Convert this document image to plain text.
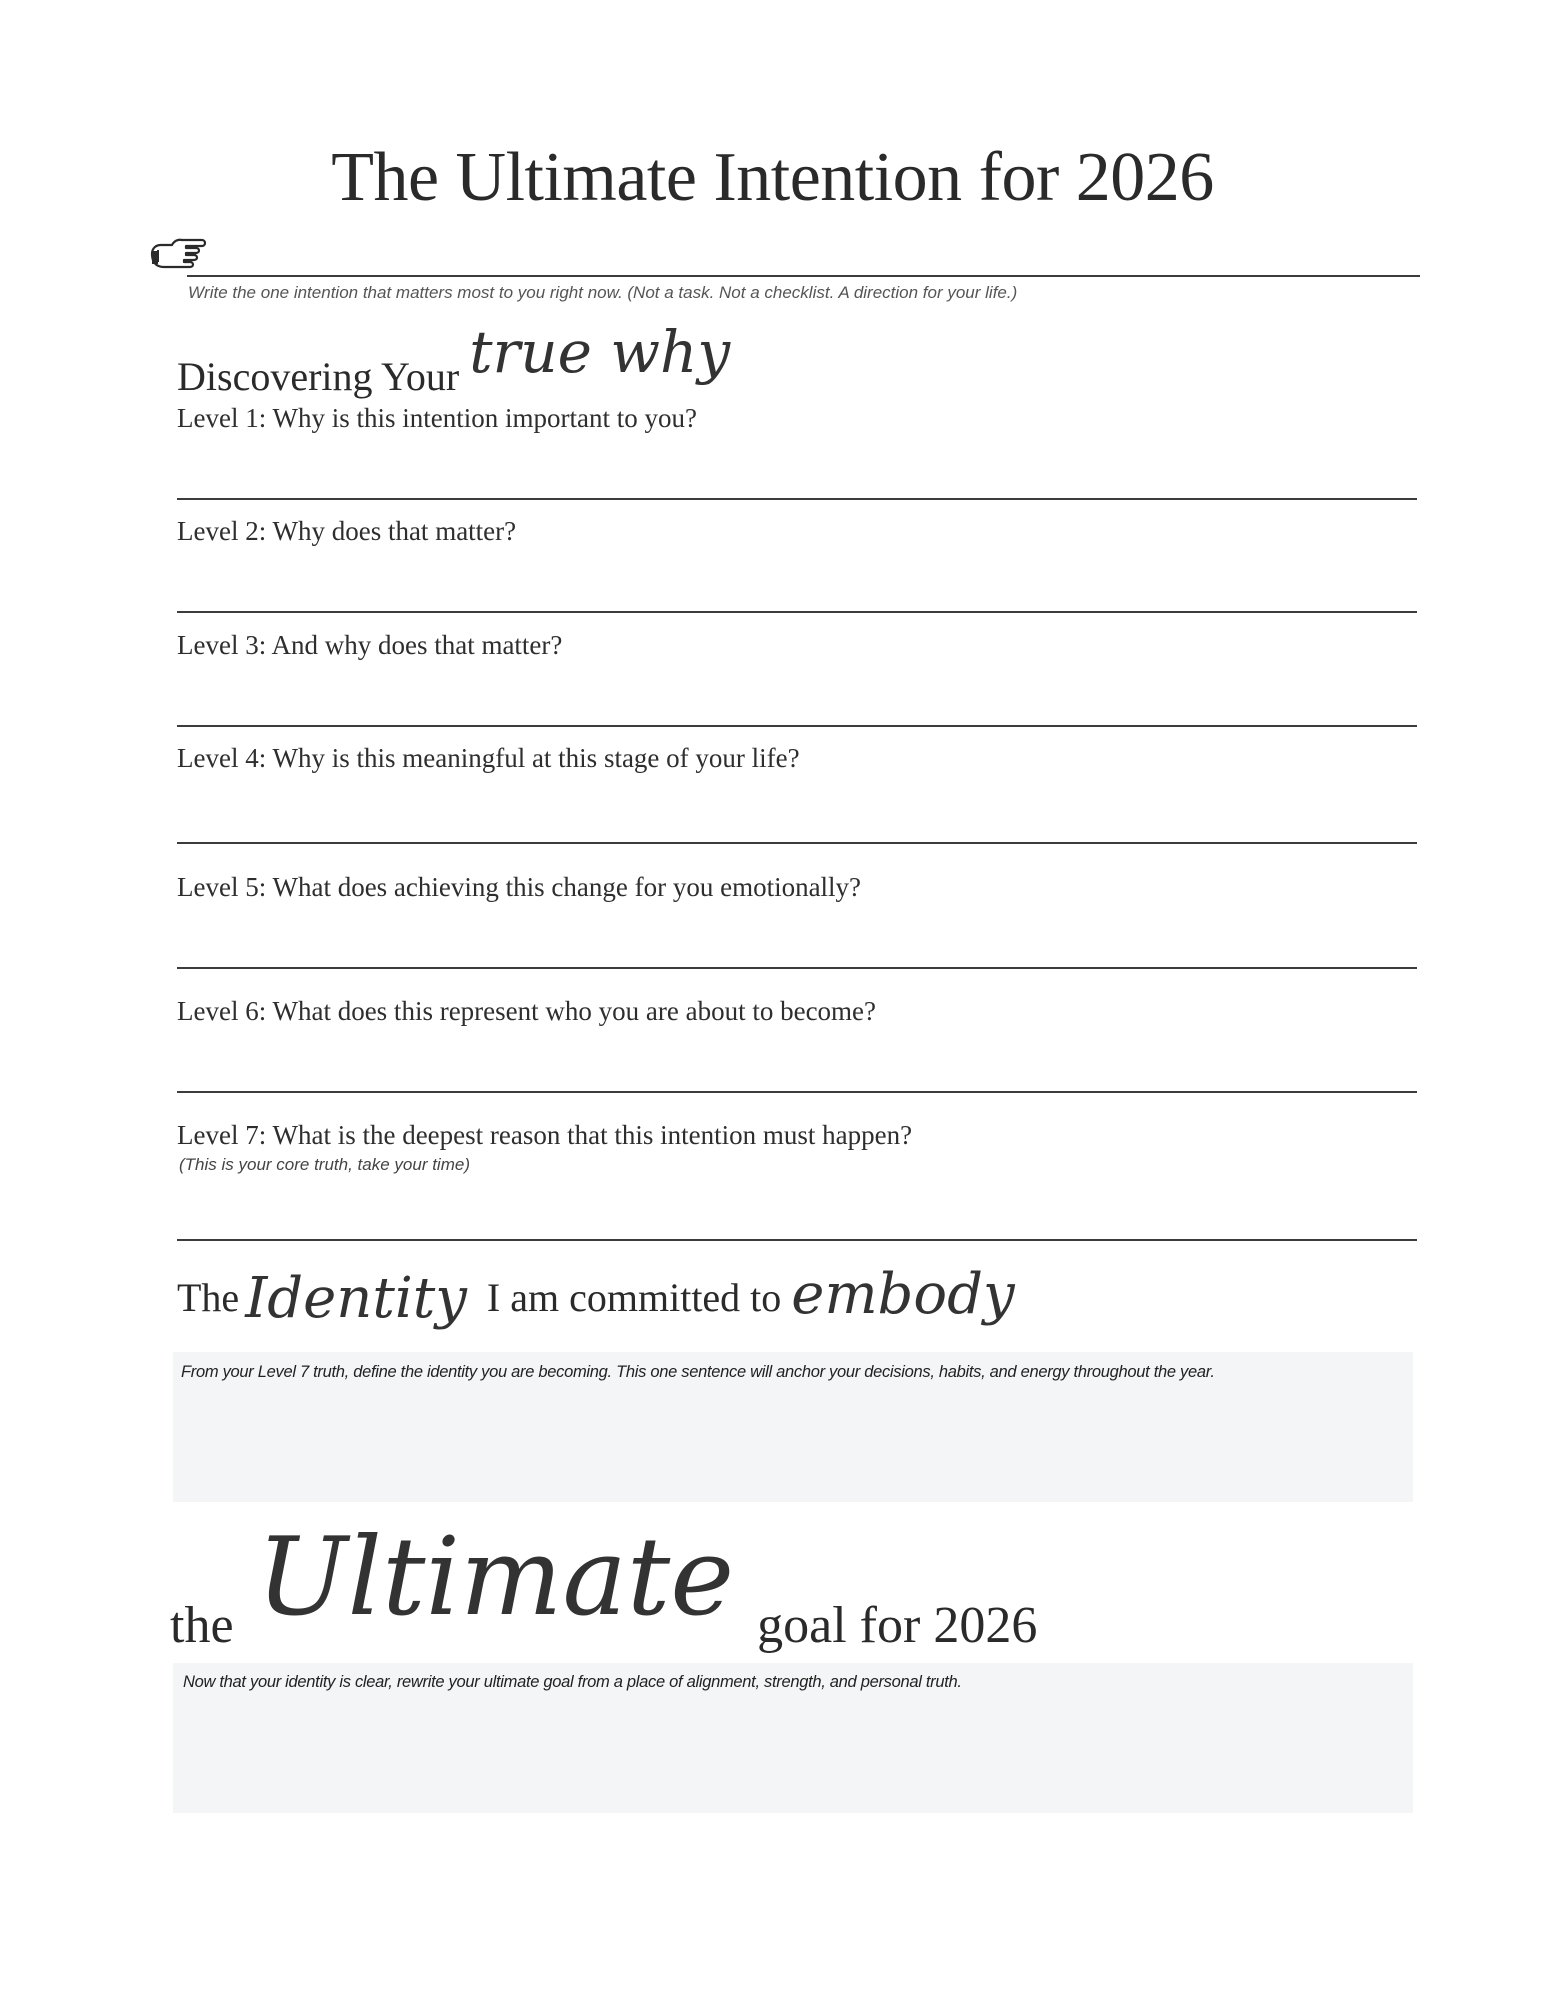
The Ultimate Intention for 2026
Write the one intention that matters most to you right now. (Not a task. Not a checklist. A direction for your life.)
Discovering Your true why
Level 1: Why is this intention important to you?
Level 2: Why does that matter?
Level 3: And why does that matter?
Level 4: Why is this meaningful at this stage of your life?
Level 5: What does achieving this change for you emotionally?
Level 6: What does this represent who you are about to become?
Level 7: What is the deepest reason that this intention must happen?
(This is your core truth, take your time)
The Identity I am committed to embody
From your Level 7 truth, define the identity you are becoming. This one sentence will anchor your decisions, habits, and energy throughout the year.
the Ultimate goal for 2026
Now that your identity is clear, rewrite your ultimate goal from a place of alignment, strength, and personal truth.
